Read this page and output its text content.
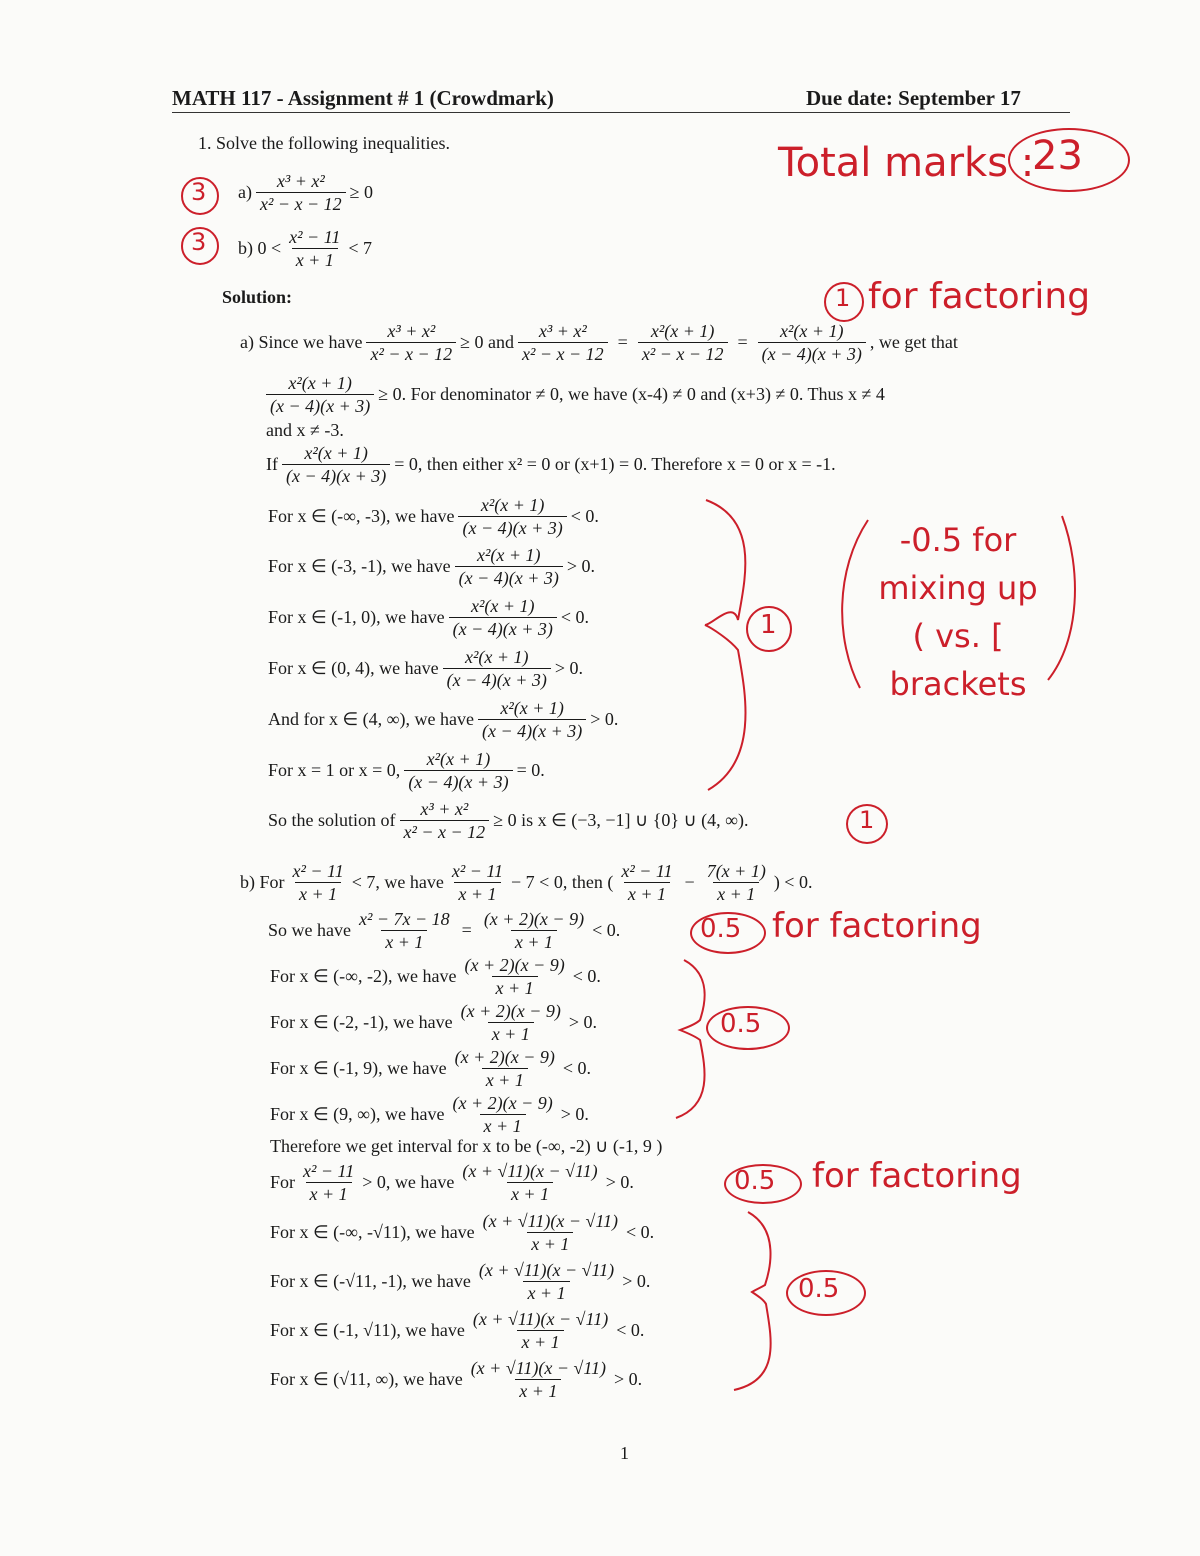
MATH 117 - Assignment # 1 (Crowdmark)	Due date: September 17
1. Solve the following inequalities.
$a) \frac{\text{x³ + x²}}{\text{x² − x − 12}} \ge 0$
b)
$0 < \frac{\text{x² − 11}}{x + 1} < 7$
Solution:
a) Since we have $\frac{\text{x³ + x²}}{\text{x² − x − 12}} \ge 0$ and $\frac{\text{x³ + x²}}{\text{x² − x − 12}} = \frac{\text{x²(x + 1)}}{\text{x² − x − 12}} = \frac{\text{x²(x + 1)}}{(x - 4)(x + 3)}$ , we get that
$\frac{\text{x²(x + 1)}}{(x - 4)(x + 3)} \ge 0$. For denominator ≠ 0, we have (x-4) ≠ 0 and (x+3) ≠ 0. Thus x ≠ 4
and x ≠ -3.
If $\frac{\text{x²(x + 1)}}{(x - 4)(x + 3)} = 0$, then either x² = 0 or (x+1) = 0. Therefore x = 0 or x = -1.
For x ∈ (-∞, -3), we have $\frac{\text{x²(x + 1)}}{(x - 4)(x + 3)} < 0$.
For x ∈ (-3, -1), we have $\frac{\text{x²(x + 1)}}{(x - 4)(x + 3)} > 0$.
For x ∈ (-1, 0), we have $\frac{\text{x²(x + 1)}}{(x - 4)(x + 3)} < 0$.
For x ∈ (0, 4), we have $\frac{\text{x²(x + 1)}}{(x - 4)(x + 3)} > 0$.
And for x ∈ (4, ∞), we have $\frac{\text{x²(x + 1)}}{(x - 4)(x + 3)} > 0$.
For x = 1 or x = 0, $\frac{\text{x²(x + 1)}}{(x - 4)(x + 3)} = 0$.
So the solution of $\frac{\text{x³ + x²}}{\text{x² − x − 12}} \ge 0$ is x ∈ (−3, −1] ∪ {0} ∪ (4, ∞).
b) For $\frac{\text{x² − 11}}{x + 1} < 7$, we have $\frac{\text{x² − 11}}{x + 1} - 7 < 0$, then ( $\frac{\text{x² − 11}}{x + 1} - \frac{7(x + 1)}{x + 1}$ ) < 0.
So we have $\frac{\text{x² − 7x − 18}}{x + 1} = \frac{(x + 2)(x - 9)}{x + 1} < 0$.
For x ∈ (-∞, -2), we have $\frac{(x + 2)(x - 9)}{x + 1} < 0$.
For x ∈ (-2, -1), we have $\frac{(x + 2)(x - 9)}{x + 1} > 0$.
For x ∈ (-1, 9), we have $\frac{(x + 2)(x - 9)}{x + 1} < 0$.
For x ∈ (9, ∞), we have $\frac{(x + 2)(x - 9)}{x + 1} > 0$.
Therefore we get interval for x to be (-∞, -2) ∪ (-1, 9 )
For $\frac{\text{x² − 11}}{x + 1} > 0$, we have $\frac{(x + √11)(x - √11)}{x + 1} > 0$.
For x ∈ (-∞, -√11), we have $\frac{(x + √11)(x - √11)}{x + 1} < 0$.
For x ∈ (-√11, -1), we have $\frac{(x + √11)(x - √11)}{x + 1} > 0$.
For x ∈ (-1, √11), we have $\frac{(x + √11)(x - √11)}{x + 1} < 0$.
For x ∈ (√11, ∞), we have $\frac{(x + √11)(x - √11)}{x + 1} > 0$.
1
Total marks :
23
3
3
1 for factoring
1
-0.5 for mixing up ( vs. [ brackets
1
0.5 for factoring
0.5
0.5 for factoring
0.5
